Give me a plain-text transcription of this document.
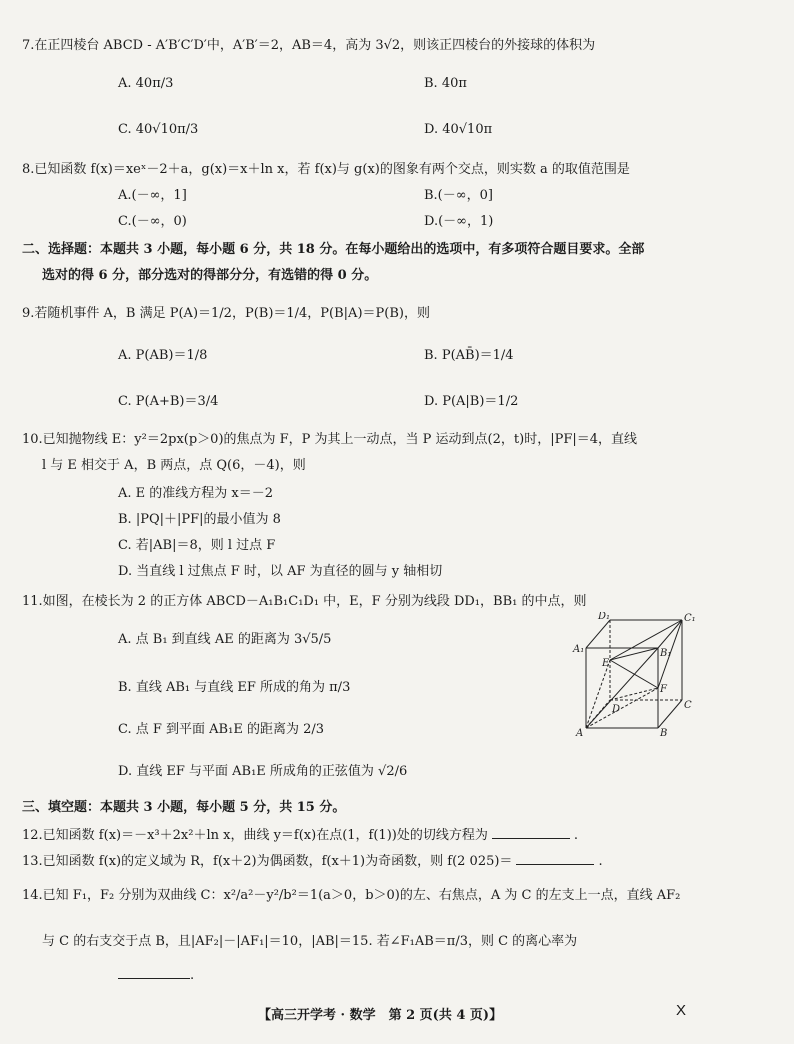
7.在正四棱台 ABCD - A′B′C′D′中，A′B′＝2，AB＝4，高为 3√2，则该正四棱台的外接球的体积为
A. 40π/3	B. 40π
C. 40√10π/3	D. 40√10π
8.已知函数 f(x)＝xeˣ－2＋a，g(x)＝x＋ln x，若 f(x)与 g(x)的图象有两个交点，则实数 a 的取值范围是
A.(－∞，1]	B.(－∞，0]
C.(－∞，0)	D.(－∞，1)
二、选择题：本题共 3 小题，每小题 6 分，共 18 分。在每小题给出的选项中，有多项符合题目要求。全部
选对的得 6 分，部分选对的得部分分，有选错的得 0 分。
9.若随机事件 A，B 满足 P(A)＝1/2，P(B)＝1/4，P(B|A)＝P(B)，则
A. P(AB)＝1/8	B. P(AB̄)＝1/4
C. P(A+B)＝3/4	D. P(A|B)＝1/2
10.已知抛物线 E：y²＝2px(p＞0)的焦点为 F，P 为其上一动点，当 P 运动到点(2，t)时，|PF|＝4，直线
l 与 E 相交于 A，B 两点，点 Q(6，－4)，则
A. E 的准线方程为 x＝－2
B. |PQ|＋|PF|的最小值为 8
C. 若|AB|＝8，则 l 过点 F
D. 当直线 l 过焦点 F 时，以 AF 为直径的圆与 y 轴相切
11.如图，在棱长为 2 的正方体 ABCD－A₁B₁C₁D₁ 中，E，F 分别为线段 DD₁，BB₁ 的中点，则
A. 点 B₁ 到直线 AE 的距离为 3√5/5
B. 直线 AB₁ 与直线 EF 所成的角为 π/3
C. 点 F 到平面 AB₁E 的距离为 2/3
D. 直线 EF 与平面 AB₁E 所成角的正弦值为 √2/6
D₁	C₁
A₁	B₁
E
F
D	C
A	B
三、填空题：本题共 3 小题，每小题 5 分，共 15 分。
12.已知函数 f(x)＝－x³＋2x²＋ln x，曲线 y＝f(x)在点(1，f(1))处的切线方程为	.
13.已知函数 f(x)的定义域为 R，f(x＋2)为偶函数，f(x＋1)为奇函数，则 f(2 025)＝	.
14.已知 F₁，F₂ 分别为双曲线 C：x²/a²－y²/b²＝1(a＞0，b＞0)的左、右焦点，A 为 C 的左支上一点，直线 AF₂
与 C 的右支交于点 B，且|AF₂|－|AF₁|＝10，|AB|＝15. 若∠F₁AB＝π/3，则 C 的离心率为
.
【高三开学考 · 数学　第 2 页(共 4 页)】	X
